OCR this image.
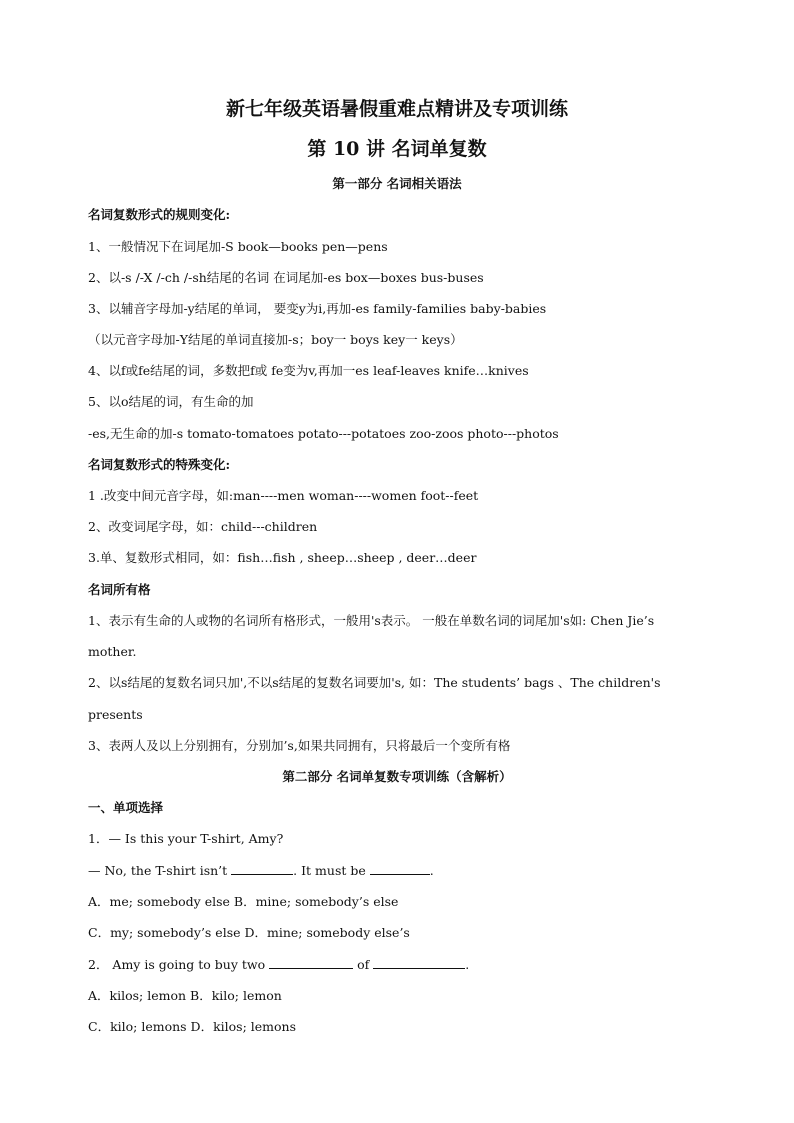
新七年级英语暑假重难点精讲及专项训练
第 10 讲 名词单复数
第一部分 名词相关语法
名词复数形式的规则变化:
1、一般情况下在词尾加-S book—books pen—pens
2、以-s /-X /-ch /-sh结尾的名词 在词尾加-es box—boxes bus-buses
3、以辅音字母加-y结尾的单词， 要变y为i,再加-es family-families baby-babies
（以元音字母加-Y结尾的单词直接加-s；boy一 boys key一 keys）
4、以f或fe结尾的词，多数把f或 fe变为v,再加一es leaf-leaves knife…knives
5、以o结尾的词，有生命的加
-es,无生命的加-s tomato-tomatoes potato---potatoes zoo-zoos photo---photos
名词复数形式的特殊变化:
1 .改变中间元音字母，如:man----men woman----women foot--feet
2、改变词尾字母，如：child---children
3.单、复数形式相同，如：fish…fish , sheep…sheep , deer…deer
名词所有格
1、表示有生命的人或物的名词所有格形式，一般用's表示。 一般在单数名词的词尾加's如: Chen Jie’s
mother.
2、以s结尾的复数名词只加',不以s结尾的复数名词要加's, 如：The students’ bags 、The children's
presents
3、表两人及以上分别拥有，分别加’s,如果共同拥有，只将最后一个变所有格
第二部分 名词单复数专项训练（含解析）
一、单项选择
1．— Is this your T-shirt, Amy?
— No, the T-shirt isn’t	. It must be	.
A．me; somebody else B．mine; somebody’s else
C．my; somebody’s else D．mine; somebody else’s
2． Amy is going to buy two	of	.
A．kilos; lemon B．kilo; lemon
C．kilo; lemons D．kilos; lemons
